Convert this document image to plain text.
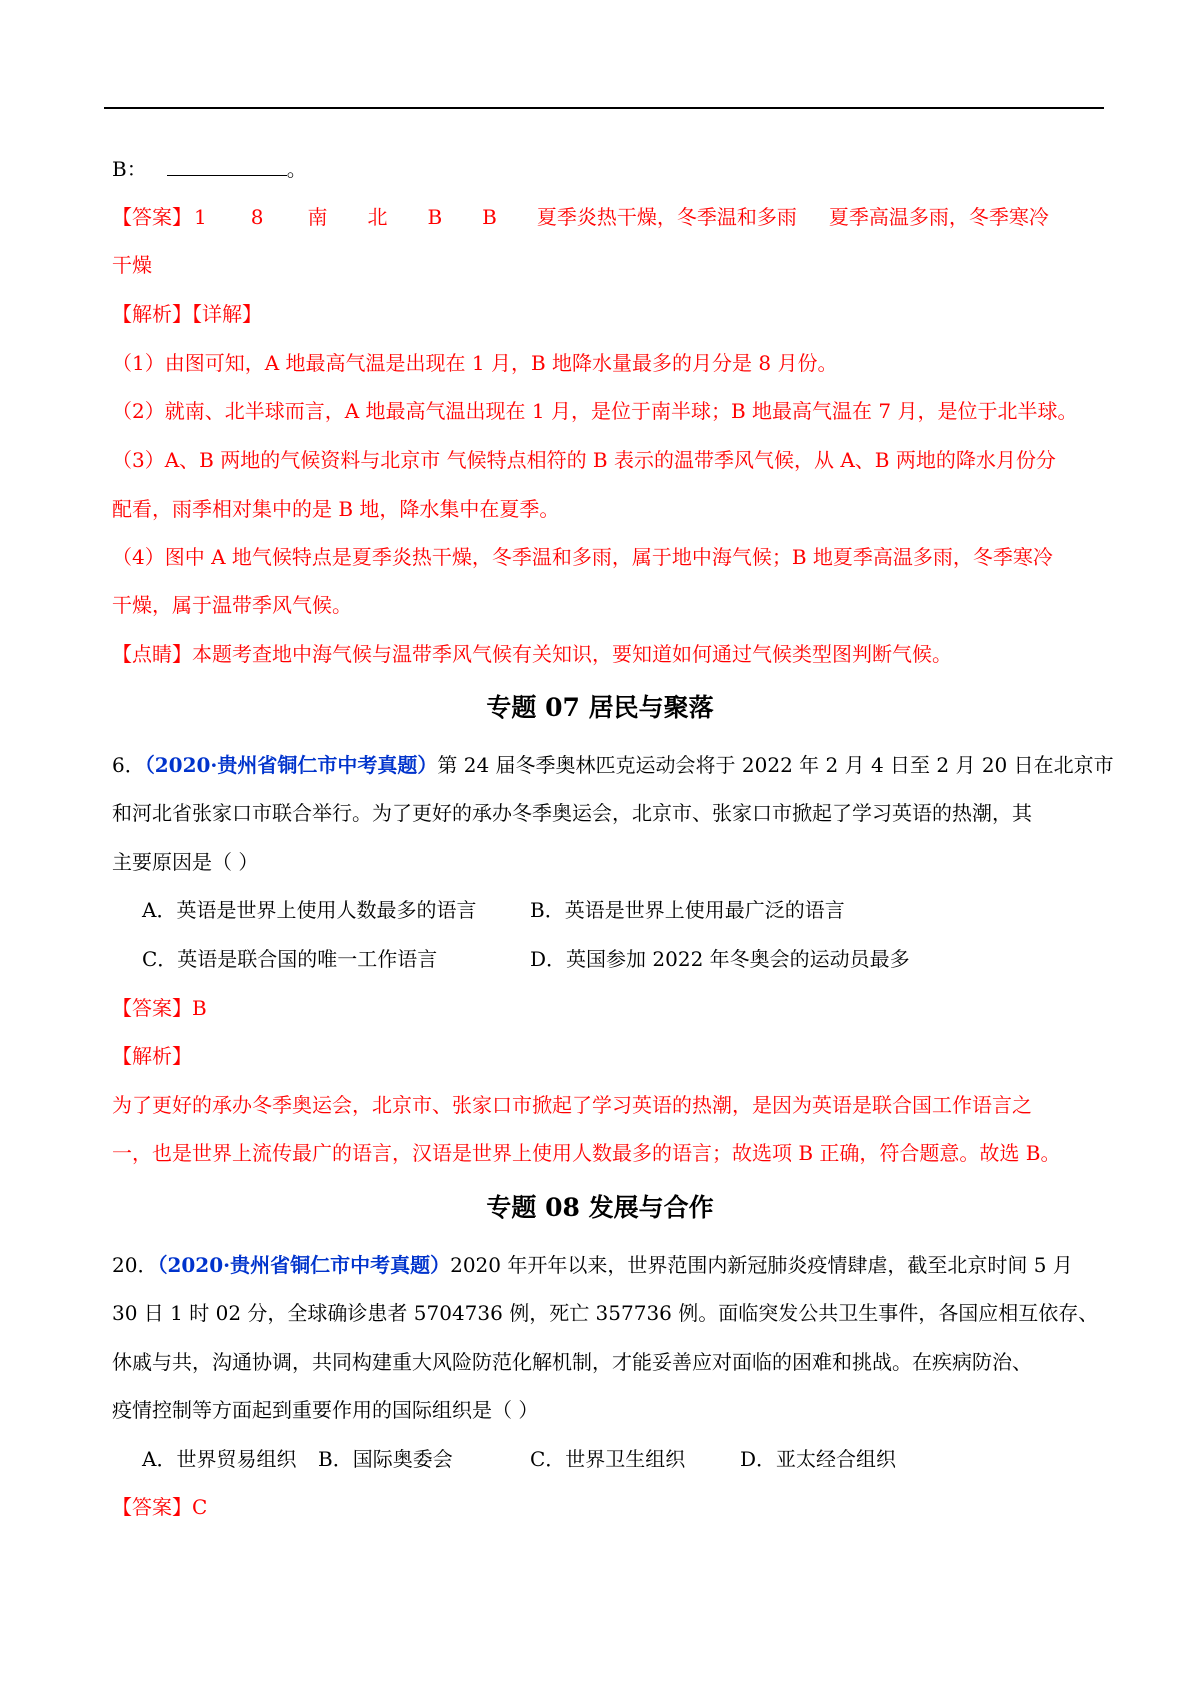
B：	。
【答案】 1 8 南 北 B B 夏季炎热干燥，冬季温和多雨 夏季高温多雨，冬季寒冷
干燥
【解析】【详解】
（1）由图可知，A 地最高气温是出现在 1 月，B 地降水量最多的月分是 8 月份。
（2）就南、北半球而言，A 地最高气温出现在 1 月，是位于南半球；B 地最高气温在 7 月，是位于北半球。
（3）A、B 两地的气候资料与北京市 气候特点相符的 B 表示的温带季风气候，从 A、B 两地的降水月份分
配看，雨季相对集中的是 B 地，降水集中在夏季。
（4）图中 A 地气候特点是夏季炎热干燥，冬季温和多雨，属于地中海气候；B 地夏季高温多雨，冬季寒冷
干燥，属于温带季风气候。
【点睛】本题考查地中海气候与温带季风气候有关知识，要知道如何通过气候类型图判断气候。
专题 07 居民与聚落
6．（2020·贵州省铜仁市中考真题）第 24 届冬季奥林匹克运动会将于 2022 年 2 月 4 日至 2 月 20 日在北京市
和河北省张家口市联合举行。为了更好的承办冬季奥运会，北京市、张家口市掀起了学习英语的热潮，其
主要原因是（ ）
A．英语是世界上使用人数最多的语言	B．英语是世界上使用最广泛的语言
C．英语是联合国的唯一工作语言	D．英国参加 2022 年冬奥会的运动员最多
【答案】B
【解析】
为了更好的承办冬季奥运会，北京市、张家口市掀起了学习英语的热潮，是因为英语是联合国工作语言之
一，也是世界上流传最广的语言，汉语是世界上使用人数最多的语言；故选项 B 正确，符合题意。故选 B。
专题 08 发展与合作
20．（2020·贵州省铜仁市中考真题）2020 年开年以来，世界范围内新冠肺炎疫情肆虐，截至北京时间 5 月
30 日 1 时 02 分，全球确诊患者 5704736 例，死亡 357736 例。面临突发公共卫生事件，各国应相互依存、
休戚与共，沟通协调，共同构建重大风险防范化解机制，才能妥善应对面临的困难和挑战。在疾病防治、
疫情控制等方面起到重要作用的国际组织是（ ）
A．世界贸易组织 B．国际奥委会	C．世界卫生组织	D．亚太经合组织
【答案】C
